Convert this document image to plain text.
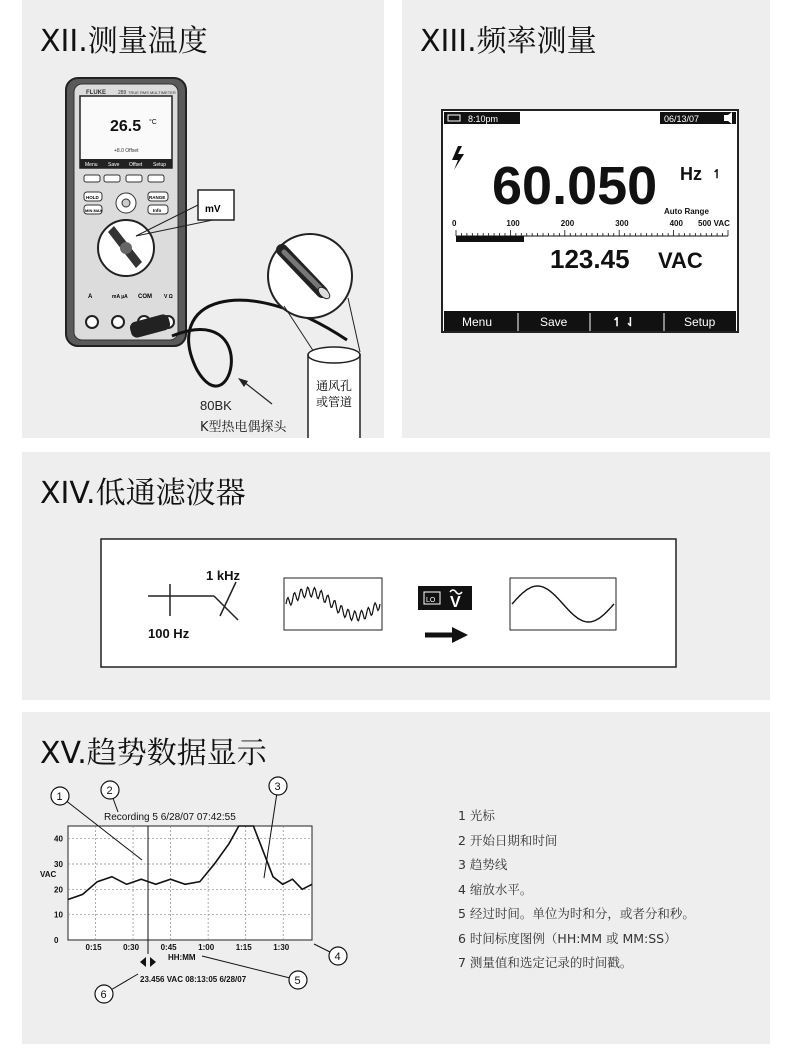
XII.测量温度
FLUKE 289 TRUE RMS MULTIMETER
26.5 °C
+8.0 Offset
Menu Save Offset Setup
HOLD	RANGE
MIN MAX	Info
A	mA µA COM V Ω
mV
通风孔或管道
80BK
K型热电偶探头
XIII.频率测量
8:10pm	06/13/07
60.050 Hz ↿
Auto Range
0	100	200	300	400 500 VAC
123.45 VAC
Menu	Save	↿ ⇃	Setup
XIV.低通滤波器
1 kHz
100 Hz
LO V
XV.趋势数据显示
Recording 5 6/28/07 07:42:55
40
30
20
10
0
0:15	0:30	0:45	1:00	1:15	1:30
VAC
HH:MM
23.456 VAC 08:13:05 6/28/07
1	2	3
4
5
6
1 光标
2 开始日期和时间
3 趋势线
4 缩放水平。
5 经过时间。单位为时和分，或者分和秒。
6 时间标度图例（HH:MM 或 MM:SS）
7 测量值和选定记录的时间戳。
